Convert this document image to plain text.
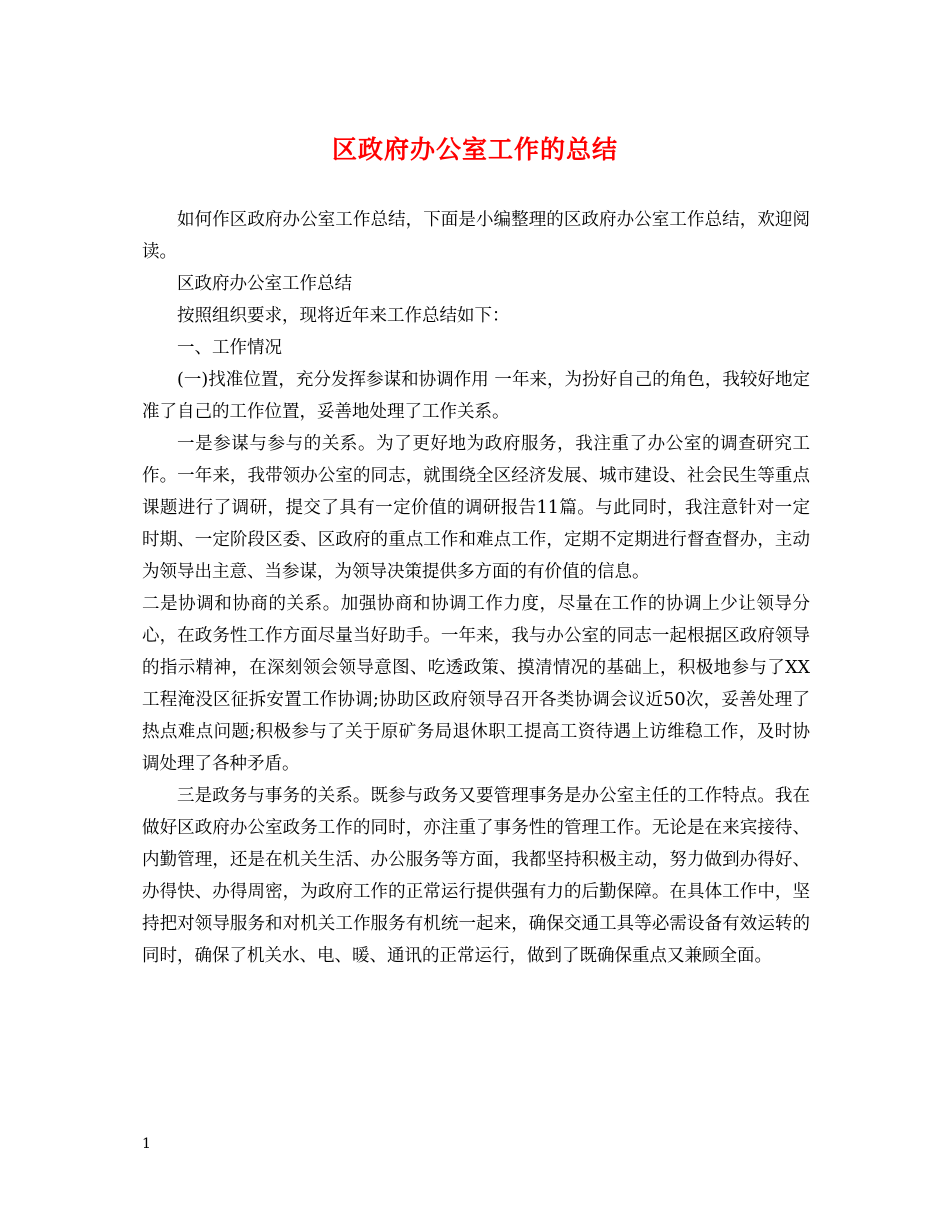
区政府办公室工作的总结

如何作区政府办公室工作总结，下面是小编整理的区政府办公室工作总结，欢迎阅读。

区政府办公室工作总结

按照组织要求，现将近年来工作总结如下：

一、工作情况

(一)找准位置，充分发挥参谋和协调作用 一年来，为扮好自己的角色，我较好地定准了自己的工作位置，妥善地处理了工作关系。

一是参谋与参与的关系。为了更好地为政府服务，我注重了办公室的调查研究工作。一年来，我带领办公室的同志，就围绕全区经济发展、城市建设、社会民生等重点课题进行了调研，提交了具有一定价值的调研报告11篇。与此同时，我注意针对一定时期、一定阶段区委、区政府的重点工作和难点工作，定期不定期进行督查督办，主动为领导出主意、当参谋，为领导决策提供多方面的有价值的信息。

二是协调和协商的关系。加强协商和协调工作力度，尽量在工作的协调上少让领导分心，在政务性工作方面尽量当好助手。一年来，我与办公室的同志一起根据区政府领导的指示精神，在深刻领会领导意图、吃透政策、摸清情况的基础上，积极地参与了XX工程淹没区征拆安置工作协调;协助区政府领导召开各类协调会议近50次，妥善处理了热点难点问题;积极参与了关于原矿务局退休职工提高工资待遇上访维稳工作，及时协调处理了各种矛盾。

三是政务与事务的关系。既参与政务又要管理事务是办公室主任的工作特点。我在做好区政府办公室政务工作的同时，亦注重了事务性的管理工作。无论是在来宾接待、内勤管理，还是在机关生活、办公服务等方面，我都坚持积极主动，努力做到办得好、办得快、办得周密，为政府工作的正常运行提供强有力的后勤保障。在具体工作中，坚持把对领导服务和对机关工作服务有机统一起来，确保交通工具等必需设备有效运转的同时，确保了机关水、电、暖、通讯的正常运行，做到了既确保重点又兼顾全面。

1
